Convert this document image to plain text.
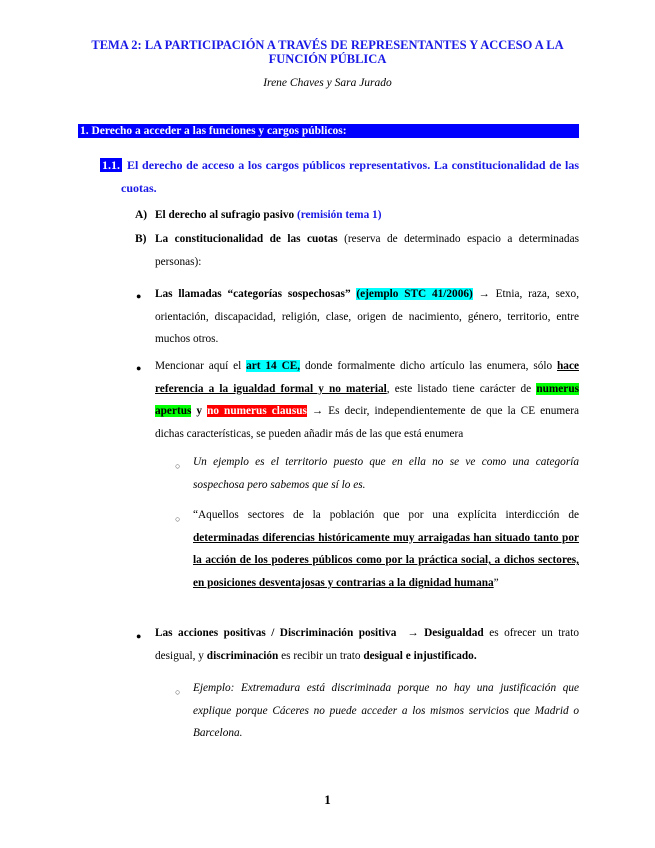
TEMA 2: LA PARTICIPACIÓN A TRAVÉS DE REPRESENTANTES Y ACCESO A LA FUNCIÓN PÚBLICA
Irene Chaves y Sara Jurado
1. Derecho a acceder a las funciones y cargos públicos:
1.1. El derecho de acceso a los cargos públicos representativos. La constitucionalidad de las cuotas.
A) El derecho al sufragio pasivo (remisión tema 1)
B) La constitucionalidad de las cuotas (reserva de determinado espacio a determinadas personas):
● Las llamadas “categorías sospechosas” (ejemplo STC 41/2006) → Etnia, raza, sexo, orientación, discapacidad, religión, clase, origen de nacimiento, género, territorio, entre muchos otros.
● Mencionar aquí el art 14 CE, donde formalmente dicho artículo las enumera, sólo hace referencia a la igualdad formal y no material, este listado tiene carácter de numerus apertus y no numerus clausus → Es decir, independientemente de que la CE enumera dichas características, se pueden añadir más de las que está enumera
○ Un ejemplo es el territorio puesto que en ella no se ve como una categoría sospechosa pero sabemos que sí lo es.
○ “Aquellos sectores de la población que por una explícita interdicción de determinadas diferencias históricamente muy arraigadas han situado tanto por la acción de los poderes públicos como por la práctica social, a dichos sectores, en posiciones desventajosas y contrarias a la dignidad humana”
● Las acciones positivas / Discriminación positiva  → Desigualdad es ofrecer un trato desigual, y discriminación es recibir un trato desigual e injustificado.
○ Ejemplo: Extremadura está discriminada porque no hay una justificación que explique porque Cáceres no puede acceder a los mismos servicios que Madrid o Barcelona.
1
